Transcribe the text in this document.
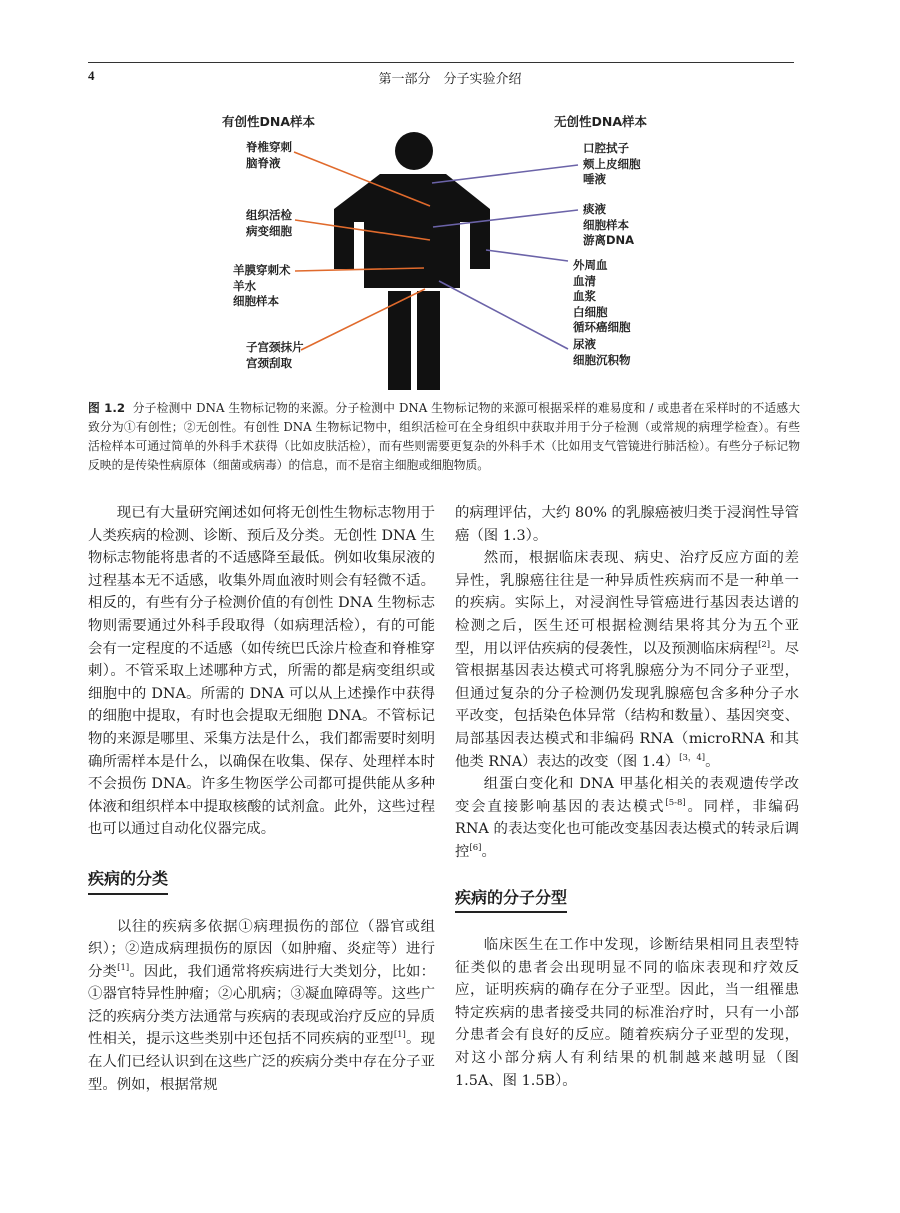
4	第一部分　分子实验介绍
有创性DNA样本	无创性DNA样本
脊椎穿刺
脑脊液
组织活检
病变细胞
羊膜穿刺术
羊水
细胞样本
子宫颈抹片
宫颈刮取
口腔拭子
颊上皮细胞
唾液
痰液
细胞样本
游离DNA
外周血
血清
血浆
白细胞
循环癌细胞
尿液
细胞沉积物
图 1.2 分子检测中 DNA 生物标记物的来源。分子检测中 DNA 生物标记物的来源可根据采样的难易度和 / 或患者在采样时的不适感大致分为①有创性；②无创性。有创性 DNA 生物标记物中，组织活检可在全身组织中获取并用于分子检测（或常规的病理学检查）。有些活检样本可通过简单的外科手术获得（比如皮肤活检），而有些则需要更复杂的外科手术（比如用支气管镜进行肺活检）。有些分子标记物反映的是传染性病原体（细菌或病毒）的信息，而不是宿主细胞或细胞物质。

现已有大量研究阐述如何将无创性生物标志物用于人类疾病的检测、诊断、预后及分类。无创性 DNA 生物标志物能将患者的不适感降至最低。例如收集尿液的过程基本无不适感，收集外周血液时则会有轻微不适。相反的，有些有分子检测价值的有创性 DNA 生物标志物则需要通过外科手段取得（如病理活检），有的可能会有一定程度的不适感（如传统巴氏涂片检查和脊椎穿刺）。不管采取上述哪种方式，所需的都是病变组织或细胞中的 DNA。所需的 DNA 可以从上述操作中获得的细胞中提取，有时也会提取无细胞 DNA。不管标记物的来源是哪里、采集方法是什么，我们都需要时刻明确所需样本是什么，以确保在收集、保存、处理样本时不会损伤 DNA。许多生物医学公司都可提供能从多种体液和组织样本中提取核酸的试剂盒。此外，这些过程也可以通过自动化仪器完成。

疾病的分类

以往的疾病多依据①病理损伤的部位（器官或组织）；②造成病理损伤的原因（如肿瘤、炎症等）进行分类[1]。因此，我们通常将疾病进行大类划分，比如：①器官特异性肿瘤；②心肌病；③凝血障碍等。这些广泛的疾病分类方法通常与疾病的表现或治疗反应的异质性相关，提示这些类别中还包括不同疾病的亚型[1]。现在人们已经认识到在这些广泛的疾病分类中存在分子亚型。例如，根据常规

的病理评估，大约 80% 的乳腺癌被归类于浸润性导管癌（图 1.3）。

然而，根据临床表现、病史、治疗反应方面的差异性，乳腺癌往往是一种异质性疾病而不是一种单一的疾病。实际上，对浸润性导管癌进行基因表达谱的检测之后，医生还可根据检测结果将其分为五个亚型，用以评估疾病的侵袭性，以及预测临床病程[2]。尽管根据基因表达模式可将乳腺癌分为不同分子亚型，但通过复杂的分子检测仍发现乳腺癌包含多种分子水平改变，包括染色体异常（结构和数量）、基因突变、局部基因表达模式和非编码 RNA（microRNA 和其他类 RNA）表达的改变（图 1.4）[3，4]。

组蛋白变化和 DNA 甲基化相关的表观遗传学改变会直接影响基因的表达模式[5-8]。同样，非编码 RNA 的表达变化也可能改变基因表达模式的转录后调控[6]。

疾病的分子分型

临床医生在工作中发现，诊断结果相同且表型特征类似的患者会出现明显不同的临床表现和疗效反应，证明疾病的确存在分子亚型。因此，当一组罹患特定疾病的患者接受共同的标准治疗时，只有一小部分患者会有良好的反应。随着疾病分子亚型的发现，对这小部分病人有利结果的机制越来越明显（图 1.5A、图 1.5B）。
